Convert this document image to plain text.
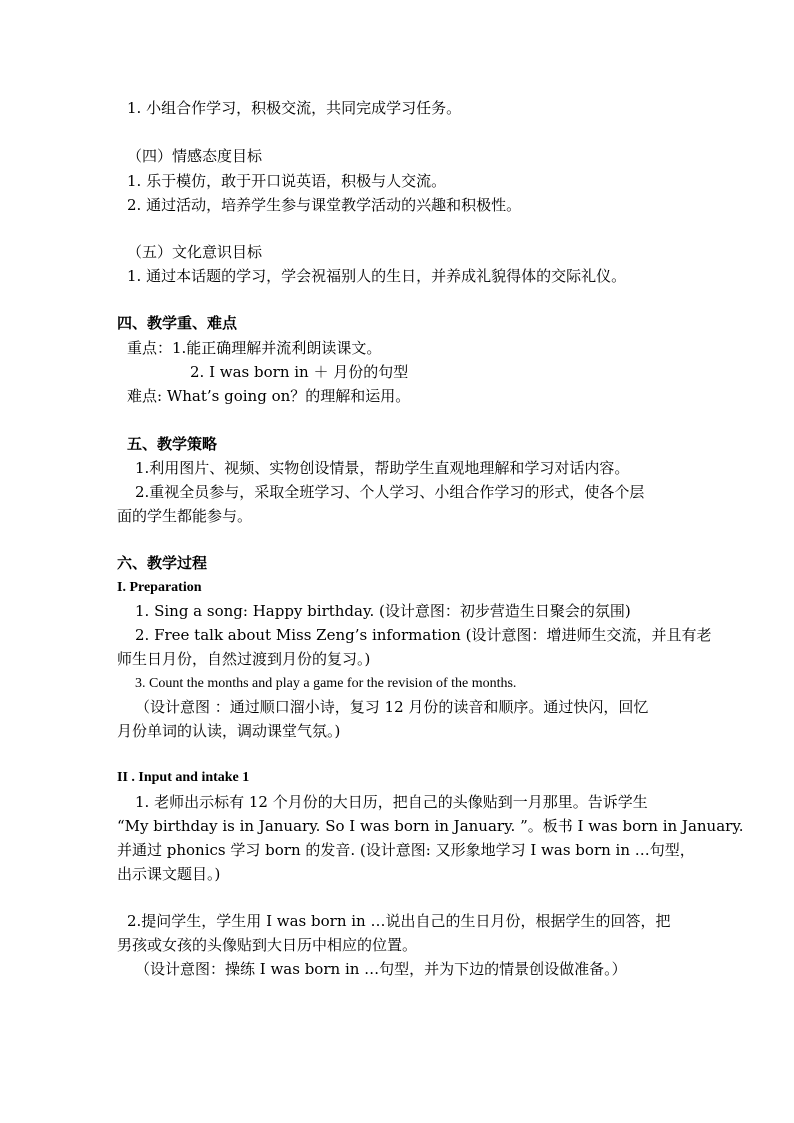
1. 小组合作学习，积极交流，共同完成学习任务。
（四）情感态度目标
1. 乐于模仿，敢于开口说英语，积极与人交流。
2. 通过活动，培养学生参与课堂教学活动的兴趣和积极性。
（五）文化意识目标
1. 通过本话题的学习，学会祝福别人的生日，并养成礼貌得体的交际礼仪。
四、教学重、难点
重点：1.能正确理解并流利朗读课文。
2. I was born in ＋ 月份的句型
难点: What’s going on？的理解和运用。
五、教学策略
1.利用图片、视频、实物创设情景，帮助学生直观地理解和学习对话内容。
2.重视全员参与，采取全班学习、个人学习、小组合作学习的形式，使各个层
面的学生都能参与。
六、教学过程
I. Preparation
1. Sing a song: Happy birthday. (设计意图：初步营造生日聚会的氛围)
2. Free talk about Miss Zeng’s information (设计意图：增进师生交流，并且有老
师生日月份，自然过渡到月份的复习。)
3. Count the months and play a game for the revision of the months.
（设计意图 ：通过顺口溜小诗，复习 12 月份的读音和顺序。通过快闪，回忆
月份单词的认读，调动课堂气氛。)
II . Input and intake 1
1. 老师出示标有 12 个月份的大日历，把自己的头像贴到一月那里。告诉学生
“My birthday is in January. So I was born in January. ”。板书 I was born in January.
并通过 phonics 学习 born 的发音. (设计意图: 又形象地学习 I was born in …句型，
出示课文题目。)
2.提问学生，学生用 I was born in …说出自己的生日月份，根据学生的回答，把
男孩或女孩的头像贴到大日历中相应的位置。
（设计意图：操练 I was born in …句型，并为下边的情景创设做准备。）
